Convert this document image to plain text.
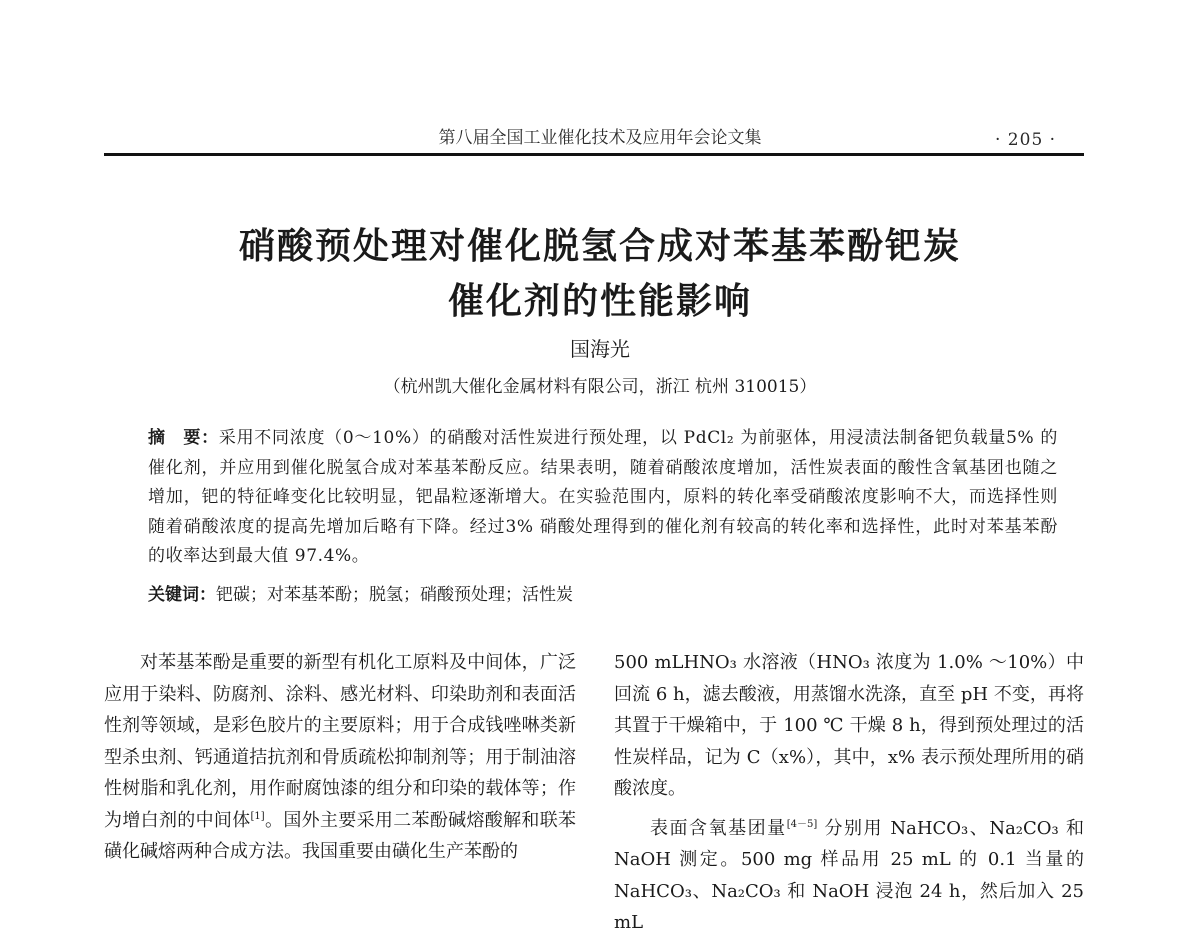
第八届全国工业催化技术及应用年会论文集	· 205 ·
硝酸预处理对催化脱氢合成对苯基苯酚钯炭
催化剂的性能影响
国海光
（杭州凯大催化金属材料有限公司，浙江 杭州 310015）
摘　要：采用不同浓度（0～10%）的硝酸对活性炭进行预处理，以 PdCl₂ 为前驱体，用浸渍法制备钯负载量5% 的催化剂，并应用到催化脱氢合成对苯基苯酚反应。结果表明，随着硝酸浓度增加，活性炭表面的酸性含氧基团也随之增加，钯的特征峰变化比较明显，钯晶粒逐渐增大。在实验范围内，原料的转化率受硝酸浓度影响不大，而选择性则随着硝酸浓度的提高先增加后略有下降。经过3% 硝酸处理得到的催化剂有较高的转化率和选择性，此时对苯基苯酚的收率达到最大值 97.4%。
关键词：钯碳；对苯基苯酚；脱氢；硝酸预处理；活性炭

对苯基苯酚是重要的新型有机化工原料及中间体，广泛应用于染料、防腐剂、涂料、感光材料、印染助剂和表面活性剂等领域，是彩色胶片的主要原料；用于合成钱唑啉类新型杀虫剂、钙通道拮抗剂和骨质疏松抑制剂等；用于制油溶性树脂和乳化剂，用作耐腐蚀漆的组分和印染的载体等；作为增白剂的中间体[1]。国外主要采用二苯酚碱熔酸解和联苯磺化碱熔两种合成方法。我国重要由磺化生产苯酚的

500 mLHNO₃ 水溶液（HNO₃ 浓度为 1.0% ～10%）中回流 6 h，滤去酸液，用蒸馏水洗涤，直至 pH 不变，再将其置于干燥箱中，于 100 ℃ 干燥 8 h，得到预处理过的活性炭样品，记为 C（x%），其中，x% 表示预处理所用的硝酸浓度。

表面含氧基团量[4－5] 分别用 NaHCO₃、Na₂CO₃ 和 NaOH 测定。500 mg 样品用 25 mL 的 0.1 当量的 NaHCO₃、Na₂CO₃ 和 NaOH 浸泡 24 h，然后加入 25 mL
